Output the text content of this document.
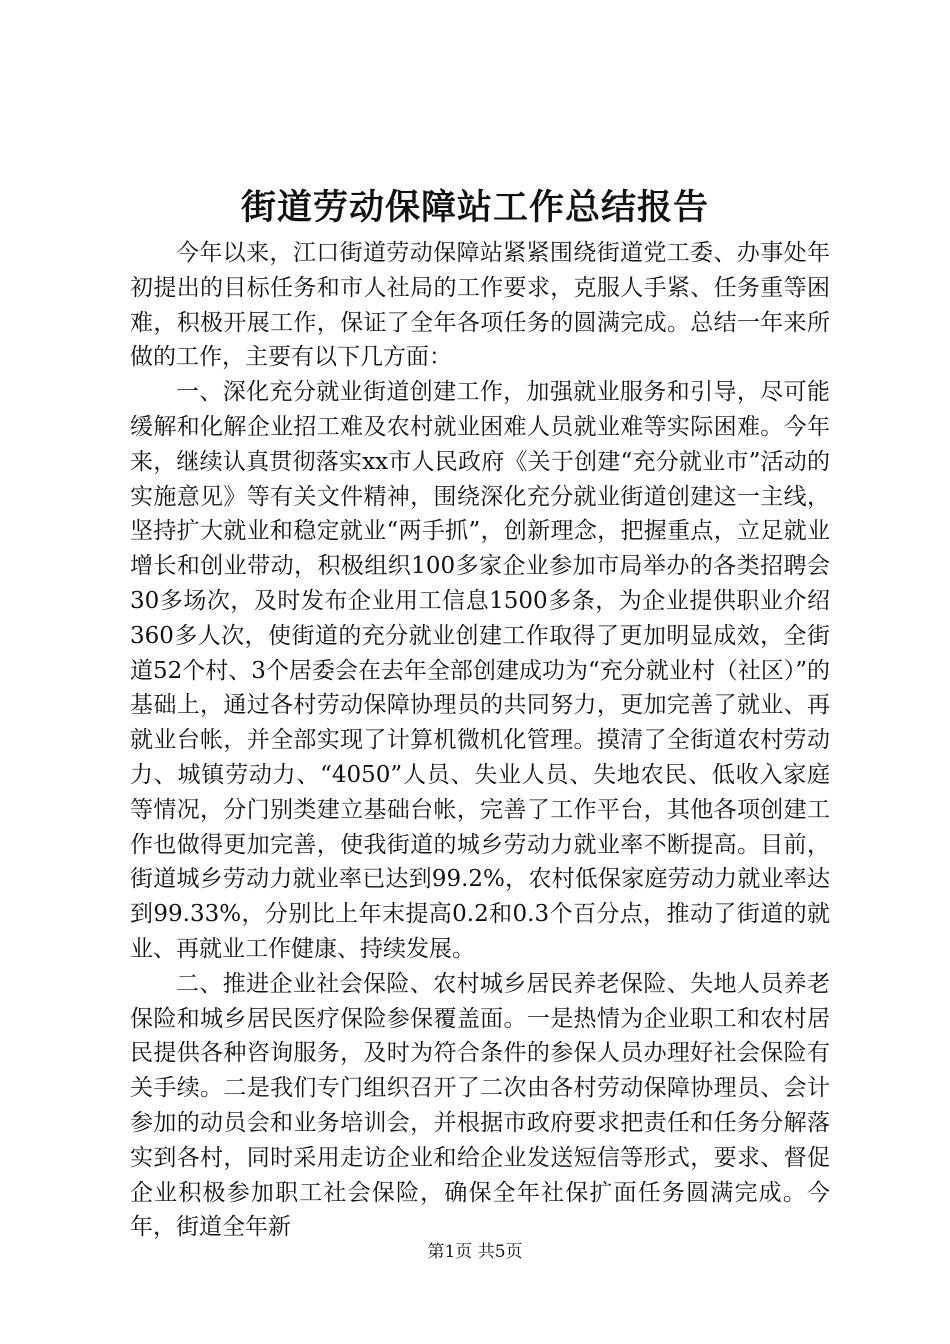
街道劳动保障站工作总结报告

今年以来，江口街道劳动保障站紧紧围绕街道党工委、办事处年初提出的目标任务和市人社局的工作要求，克服人手紧、任务重等困难，积极开展工作，保证了全年各项任务的圆满完成。总结一年来所做的工作，主要有以下几方面：

一、深化充分就业街道创建工作，加强就业服务和引导，尽可能缓解和化解企业招工难及农村就业困难人员就业难等实际困难。今年来，继续认真贯彻落实xx市人民政府《关于创建“充分就业市”活动的实施意见》等有关文件精神，围绕深化充分就业街道创建这一主线，坚持扩大就业和稳定就业“两手抓”，创新理念，把握重点，立足就业增长和创业带动，积极组织100多家企业参加市局举办的各类招聘会30多场次，及时发布企业用工信息1500多条，为企业提供职业介绍360多人次，使街道的充分就业创建工作取得了更加明显成效，全街道52个村、3个居委会在去年全部创建成功为“充分就业村（社区）”的基础上，通过各村劳动保障协理员的共同努力，更加完善了就业、再就业台帐，并全部实现了计算机微机化管理。摸清了全街道农村劳动力、城镇劳动力、“4050”人员、失业人员、失地农民、低收入家庭等情况，分门别类建立基础台帐，完善了工作平台，其他各项创建工作也做得更加完善，使我街道的城乡劳动力就业率不断提高。目前，街道城乡劳动力就业率已达到99.2%，农村低保家庭劳动力就业率达到99.33%，分别比上年末提高0.2和0.3个百分点，推动了街道的就业、再就业工作健康、持续发展。

二、推进企业社会保险、农村城乡居民养老保险、失地人员养老保险和城乡居民医疗保险参保覆盖面。一是热情为企业职工和农村居民提供各种咨询服务，及时为符合条件的参保人员办理好社会保险有关手续。二是我们专门组织召开了二次由各村劳动保障协理员、会计参加的动员会和业务培训会，并根据市政府要求把责任和任务分解落实到各村，同时采用走访企业和给企业发送短信等形式，要求、督促企业积极参加职工社会保险，确保全年社保扩面任务圆满完成。今年，街道全年新

第1页 共5页
